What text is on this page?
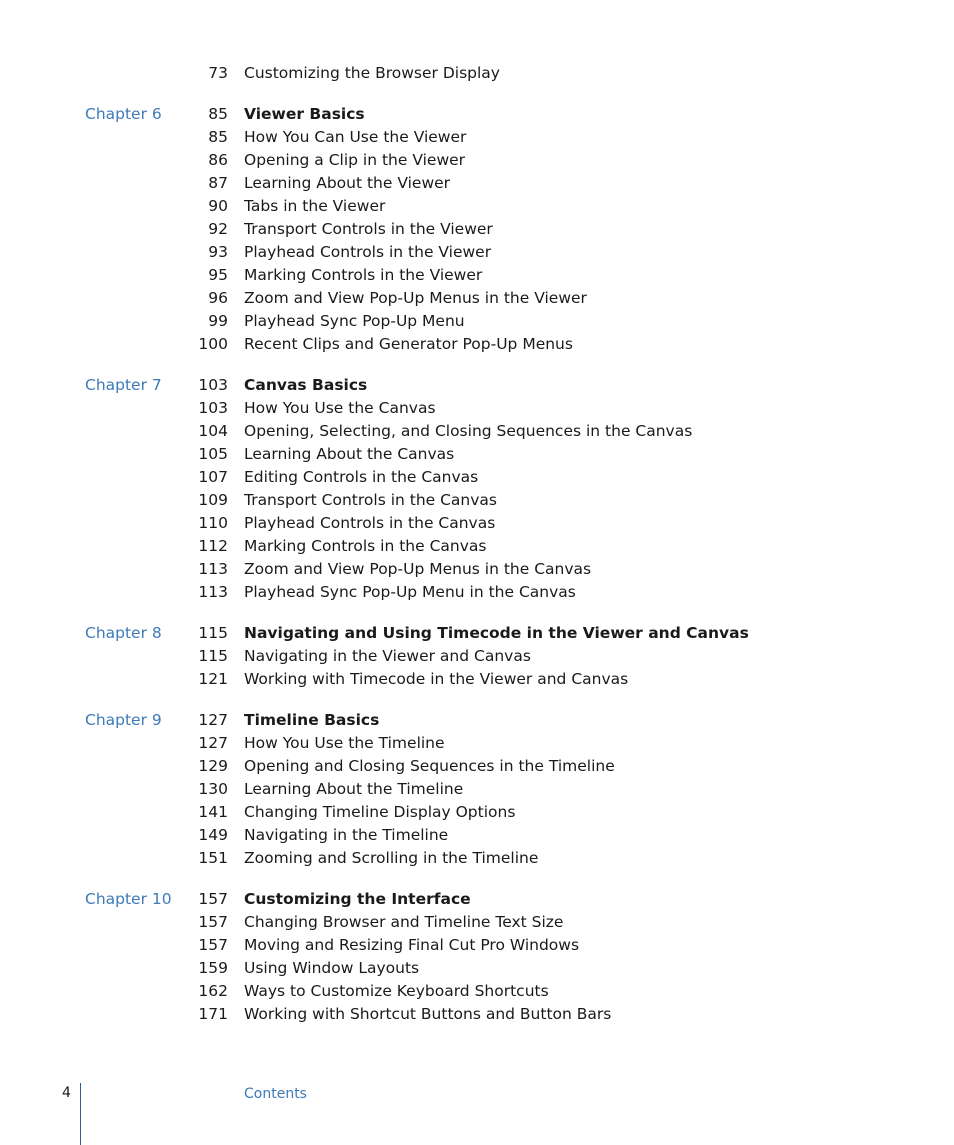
73 Customizing the Browser Display
Chapter 6	85 Viewer Basics
85 How You Can Use the Viewer
86 Opening a Clip in the Viewer
87 Learning About the Viewer
90 Tabs in the Viewer
92 Transport Controls in the Viewer
93 Playhead Controls in the Viewer
95 Marking Controls in the Viewer
96 Zoom and View Pop-Up Menus in the Viewer
99 Playhead Sync Pop-Up Menu
100 Recent Clips and Generator Pop-Up Menus
Chapter 7 103 Canvas Basics
103 How You Use the Canvas
104 Opening, Selecting, and Closing Sequences in the Canvas
105 Learning About the Canvas
107 Editing Controls in the Canvas
109 Transport Controls in the Canvas
110 Playhead Controls in the Canvas
112 Marking Controls in the Canvas
113 Zoom and View Pop-Up Menus in the Canvas
113 Playhead Sync Pop-Up Menu in the Canvas
Chapter 8 115 Navigating and Using Timecode in the Viewer and Canvas
115 Navigating in the Viewer and Canvas
121 Working with Timecode in the Viewer and Canvas
Chapter 9 127 Timeline Basics
127 How You Use the Timeline
129 Opening and Closing Sequences in the Timeline
130 Learning About the Timeline
141 Changing Timeline Display Options
149 Navigating in the Timeline
151 Zooming and Scrolling in the Timeline
Chapter 10 157 Customizing the Interface
157 Changing Browser and Timeline Text Size
157 Moving and Resizing Final Cut Pro Windows
159 Using Window Layouts
162 Ways to Customize Keyboard Shortcuts
171 Working with Shortcut Buttons and Button Bars
4	Contents
